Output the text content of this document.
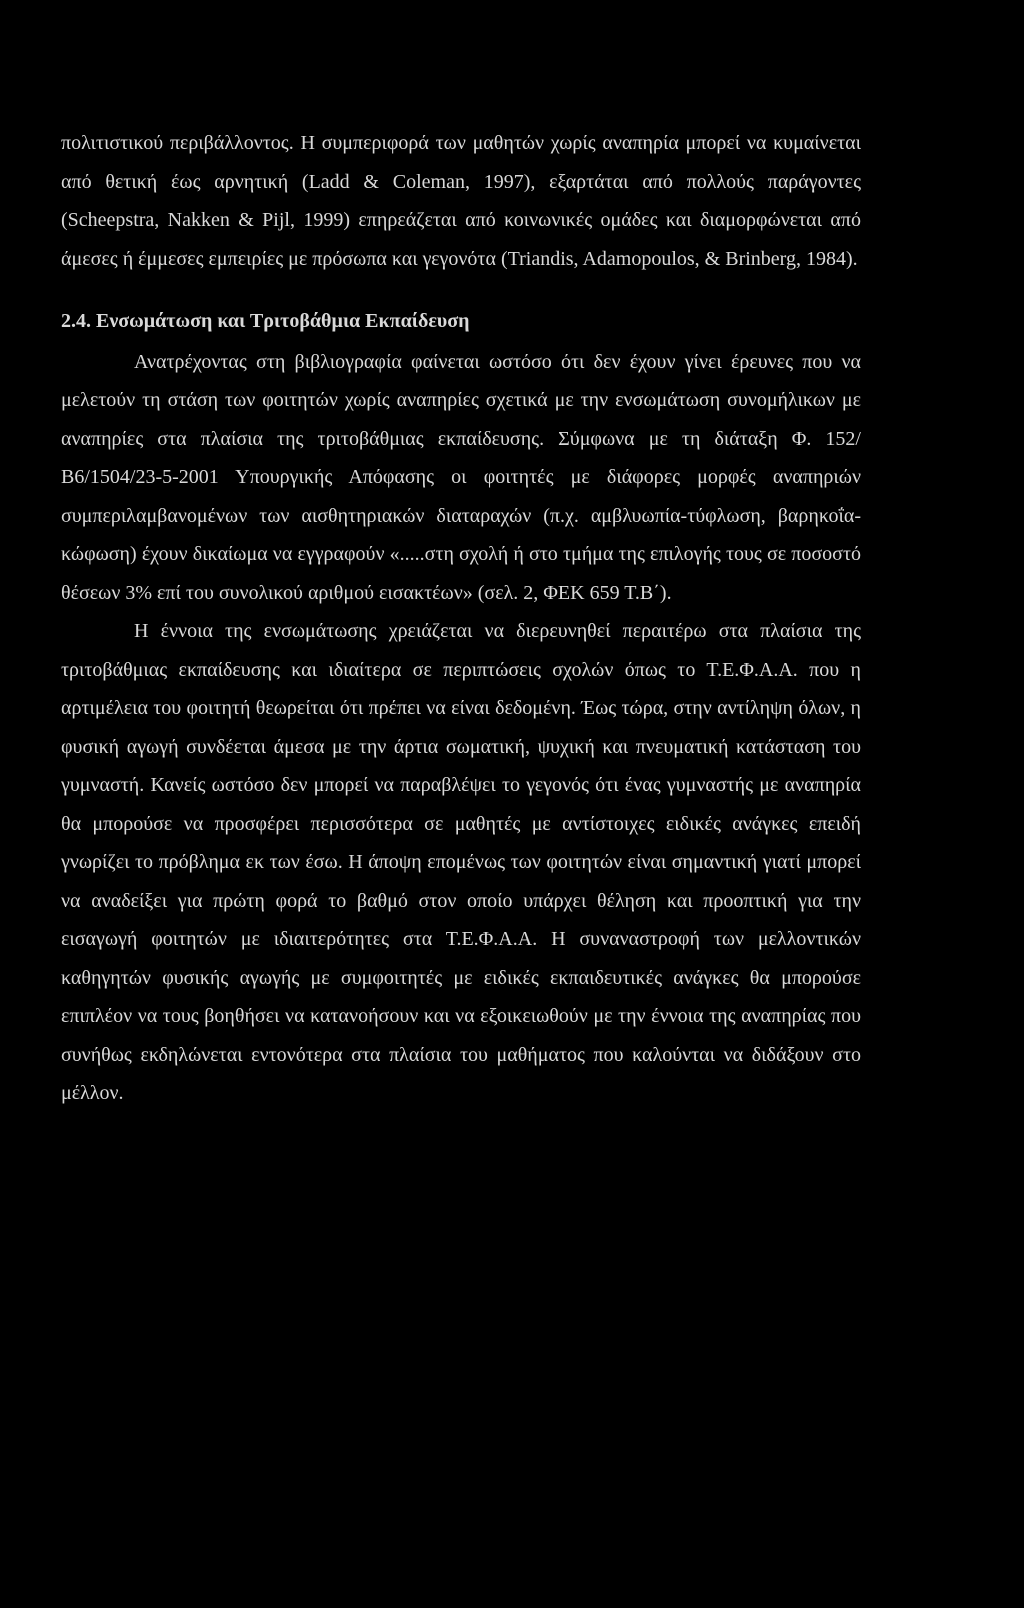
πολιτιστικού περιβάλλοντος. Η συμπεριφορά των μαθητών χωρίς αναπηρία μπορεί να κυμαίνεται από θετική έως αρνητική (Ladd & Coleman, 1997), εξαρτάται από πολλούς παράγοντες (Scheepstra, Nakken & Pijl, 1999) επηρεάζεται από κοινωνικές ομάδες και διαμορφώνεται από άμεσες ή έμμεσες εμπειρίες με πρόσωπα και γεγονότα (Triandis, Adamopoulos, & Brinberg, 1984).

2.4. Ενσωμάτωση και Τριτοβάθμια Εκπαίδευση

Ανατρέχοντας στη βιβλιογραφία φαίνεται ωστόσο ότι δεν έχουν γίνει έρευνες που να μελετούν τη στάση των φοιτητών χωρίς αναπηρίες σχετικά με την ενσωμάτωση συνομήλικων με αναπηρίες στα πλαίσια της τριτοβάθμιας εκπαίδευσης. Σύμφωνα με τη διάταξη Φ. 152/Β6/1504/23-5-2001 Υπουργικής Απόφασης οι φοιτητές με διάφορες μορφές αναπηριών συμπεριλαμβανομένων των αισθητηριακών διαταραχών (π.χ. αμβλυωπία-τύφλωση, βαρηκοΐα-κώφωση) έχουν δικαίωμα να εγγραφούν «.....στη σχολή ή στο τμήμα της επιλογής τους σε ποσοστό θέσεων 3% επί του συνολικού αριθμού εισακτέων» (σελ. 2, ΦΕΚ 659 Τ.Β΄).

Η έννοια της ενσωμάτωσης χρειάζεται να διερευνηθεί περαιτέρω στα πλαίσια της τριτοβάθμιας εκπαίδευσης και ιδιαίτερα σε περιπτώσεις σχολών όπως το Τ.Ε.Φ.Α.Α. που η αρτιμέλεια του φοιτητή θεωρείται ότι πρέπει να είναι δεδομένη. Έως τώρα, στην αντίληψη όλων, η φυσική αγωγή συνδέεται άμεσα με την άρτια σωματική, ψυχική και πνευματική κατάσταση του γυμναστή. Κανείς ωστόσο δεν μπορεί να παραβλέψει το γεγονός ότι ένας γυμναστής με αναπηρία θα μπορούσε να προσφέρει περισσότερα σε μαθητές με αντίστοιχες ειδικές ανάγκες επειδή γνωρίζει το πρόβλημα εκ των έσω. Η άποψη επομένως των φοιτητών είναι σημαντική γιατί μπορεί να αναδείξει για πρώτη φορά το βαθμό στον οποίο υπάρχει θέληση και προοπτική για την εισαγωγή φοιτητών με ιδιαιτερότητες στα Τ.Ε.Φ.Α.Α. Η συναναστροφή των μελλοντικών καθηγητών φυσικής αγωγής με συμφοιτητές με ειδικές εκπαιδευτικές ανάγκες θα μπορούσε επιπλέον να τους βοηθήσει να κατανοήσουν και να εξοικειωθούν με την έννοια της αναπηρίας που συνήθως εκδηλώνεται εντονότερα στα πλαίσια του μαθήματος που καλούνται να διδάξουν στο μέλλον.
